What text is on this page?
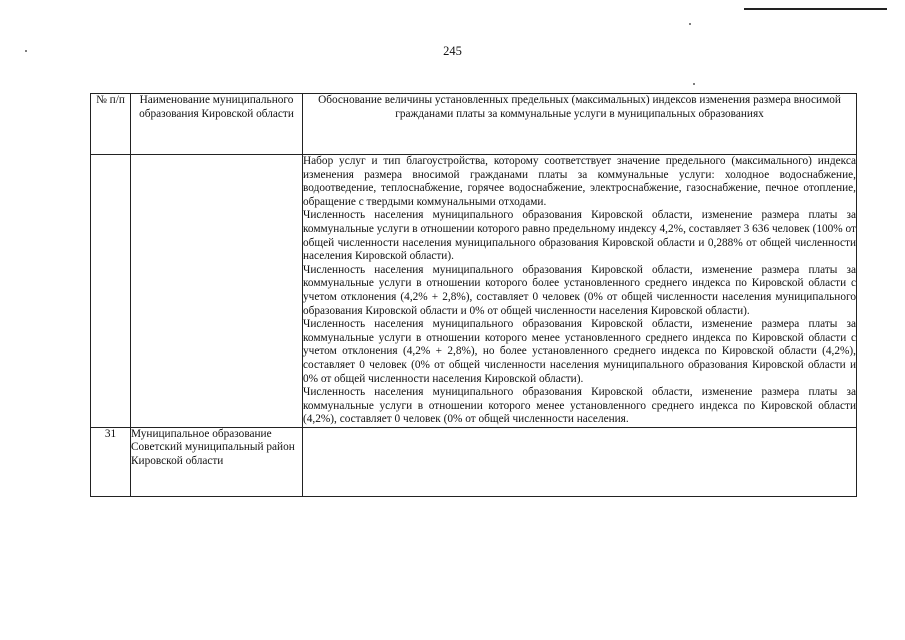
245
№ п/п	Наименование муниципального образования Кировской области	Обоснование величины установленных предельных (максимальных) индексов изменения размера вносимой гражданами платы за коммунальные услуги в муниципальных образованиях

		Набор услуг и тип благоустройства, которому соответствует значение предельного (максимального) индекса изменения размера вносимой гражданами платы за коммунальные услуги: холодное водоснабжение, водоотведение, теплоснабжение, горячее водоснабжение, электроснабжение, газоснабжение, печное отопление, обращение с твердыми коммунальными отходами.

Численность населения муниципального образования Кировской области, изменение размера платы за коммунальные услуги в отношении которого равно предельному индексу 4,2%, составляет 3 636 человек (100% от общей численности населения муниципального образования Кировской области и 0,288% от общей численности населения Кировской области).

Численность населения муниципального образования Кировской области, изменение размера платы за коммунальные услуги в отношении которого более установленного среднего индекса по Кировской области с учетом отклонения (4,2% + 2,8%), составляет 0 человек (0% от общей численности населения муниципального образования Кировской области и 0% от общей численности населения Кировской области).

Численность населения муниципального образования Кировской области, изменение размера платы за коммунальные услуги в отношении которого менее установленного среднего индекса по Кировской области с учетом отклонения (4,2% + 2,8%), но более установленного среднего индекса по Кировской области (4,2%), составляет 0 человек (0% от общей численности населения муниципального образования Кировской области и 0% от общей численности населения Кировской области).

Численность населения муниципального образования Кировской области, изменение размера платы за коммунальные услуги в отношении которого менее установленного среднего индекса по Кировской области (4,2%), составляет 0 человек (0% от общей численности населения.

31	Муниципальное образование Советский муниципальный район Кировской области	
